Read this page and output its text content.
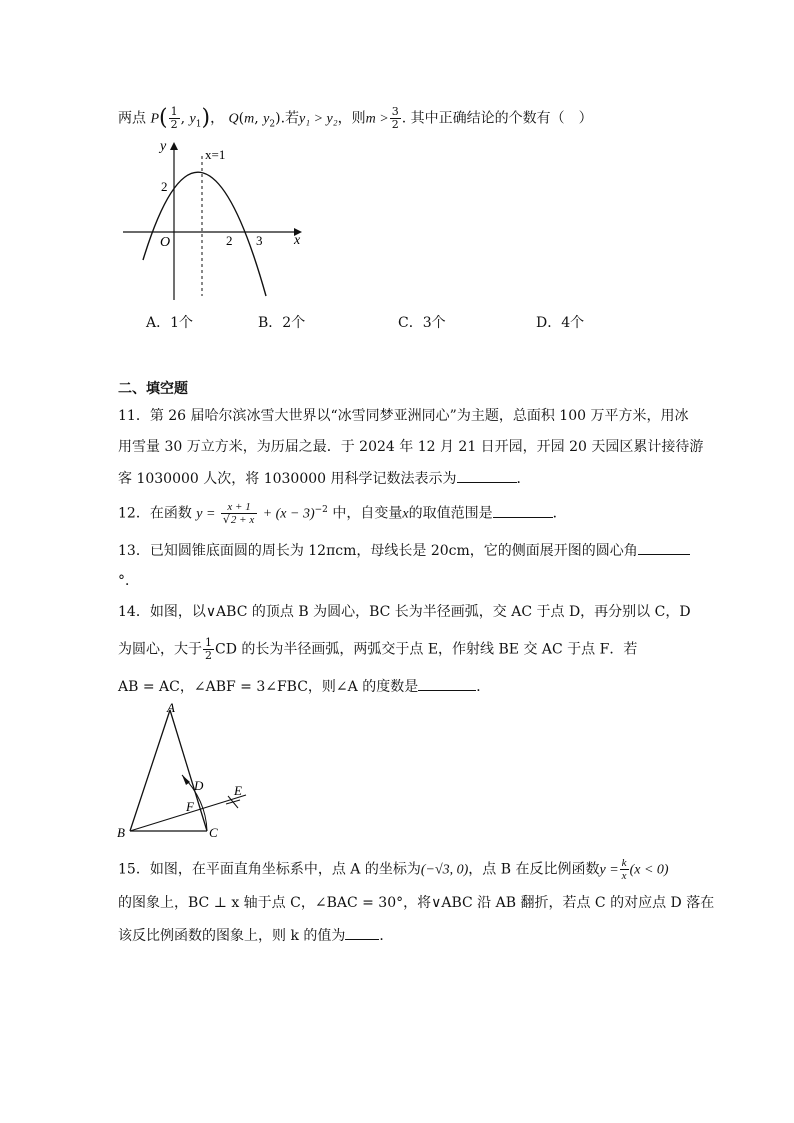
两点 $P( \frac{1}{2}$ , $y_1$)， Q(m, $y_2$).若y₁ > y₂，则$m > \frac{3}{2}$ . 其中正确结论的个数有（　）
y
x
O
x=1
2
2 3
A．1个	B．2个	C．3个	D．4个
二、填空题
11．第 26 届哈尔滨冰雪大世界以“冰雪同梦亚洲同心”为主题，总面积 100 万平方米，用冰
用雪量 30 万立方米，为历届之最．于 2024 年 12 月 21 日开园，开园 20 天园区累计接待游
客 1030000 人次，将 1030000 用科学记数法表示为	．
12．在函数 $y = \frac{x + 1}{√2 + x} + (x - 3)^{-2}$ 中，自变量x的取值范围是	．
13．已知圆锥底面圆的周长为 12πcm，母线长是 20cm，它的侧面展开图的圆心角
°．
14．如图，以∨ABC 的顶点 B 为圆心，BC 长为半径画弧，交 AC 于点 D，再分别以 C，D
为圆心，大于 $\frac{1}{2}$ CD 的长为半径画弧，两弧交于点 E，作射线 BE 交 AC 于点 F．若
AB = AC，∠ABF = 3∠FBC，则∠A 的度数是	．
A
B	C
D E
F
15．如图，在平面直角坐标系中，点 A 的坐标为(−√3, 0)，点 B 在反比例函数$y = \frac{k}{x} (x < 0)$
的图象上，BC ⊥ x 轴于点 C，∠BAC = 30°，将∨ABC 沿 AB 翻折，若点 C 的对应点 D 落在
该反比例函数的图象上，则 k 的值为 ．
